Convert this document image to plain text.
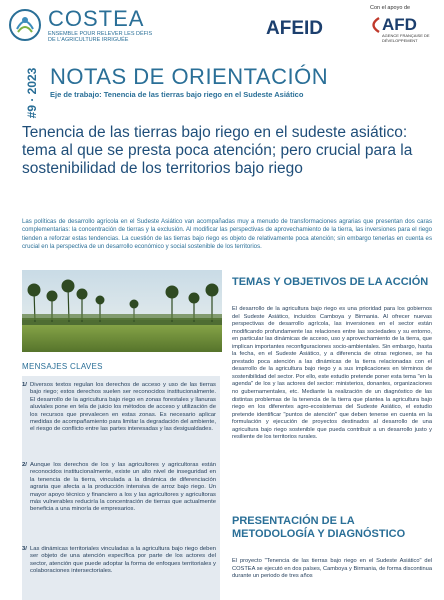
COSTEA
ENSEMBLE POUR RELEVER LES DÉFIS DE L'AGRICULTURE IRRIGUÉE
AFEID
Con el apoyo de
AFD
AGENCE FRANÇAISE DE DÉVELOPPEMENT
#9 · 2023 NOTAS DE ORIENTACIÓN
Eje de trabajo: Tenencia de las tierras bajo riego en el Sudeste Asiático
Tenencia de las tierras bajo riego en el sudeste asiático: tema al que se presta poca atención; pero crucial para la sostenibilidad de los territorios bajo riego
Las políticas de desarrollo agrícola en el Sudeste Asiático van acompañadas muy a menudo de transformaciones agrarias que presentan dos caras complementarias: la concentración de tierras y la exclusión. Al modificar las perspectivas de aprovechamiento de la tierra, las inversiones para el riego tienden a reforzar estas tendencias. La cuestión de las tierras bajo riego es objeto de relativamente poca atención; sin embargo tenerlas en cuenta es crucial en la perspectiva de un desarrollo económico y social sostenible de los territorios.
MENSAJES CLAVES
1/ Diversos textos regulan los derechos de acceso y uso de las tierras bajo riego; estos derechos suelen ser reconocidos institucionalmente. El desarrollo de la agricultura bajo riego en zonas forestales y llanuras aluviales pone en tela de juicio los métodos de acceso y utilización de los recursos que prevalecen en estas zonas. Es necesario aplicar medidas de acompañamiento para limitar la degradación del ambiente, el riesgo de conflicto entre las partes interesadas y las desigualdades.
2/ Aunque los derechos de los y las agricultores y agricultoras están reconocidos institucionalmente, existe un alto nivel de inseguridad en la tenencia de la tierra, vinculada a la dinámica de diferenciación agraria que afecta a la producción intensiva de arroz bajo riego. Un mayor apoyo técnico y financiero a los y las agricultores y agricultoras más vulnerables reduciría la concentración de tierras que actualmente beneficia a una minoría de empresarios.
3/ Las dinámicas territoriales vinculadas a la agricultura bajo riego deben ser objeto de una atención específica por parte de los actores del sector, atención que puede adoptar la forma de enfoques territoriales y colaboraciones intersectoriales.
TEMAS Y OBJETIVOS DE LA ACCIÓN
El desarrollo de la agricultura bajo riego es una prioridad para los gobiernos del Sudeste Asiático, incluidos Camboya y Birmania. Al ofrecer nuevas perspectivas de desarrollo agrícola, las inversiones en el sector están modificando profundamente las relaciones entre las sociedades y su entorno, en particular las dinámicas de acceso, uso y aprovechamiento de la tierra, que implican importantes reconfiguraciones socio-ambientales. Sin embargo, hasta la fecha, en el Sudeste Asiático, y a diferencia de otras regiones, se ha prestado poca atención a las dinámicas de la tierra relacionadas con el desarrollo de la agricultura bajo riego y a sus implicaciones en términos de sostenibilidad del sector. Por ello, este estudio pretende poner esta tema "en la agenda" de los y las actores del sector: ministerios, donantes, organizaciones no gubernamentales, etc. Mediante la realización de un diagnóstico de las distintas problemas de la tenencia de la tierra que plantea la agricultura bajo riego en los diferentes agro-ecosistemas del Sudeste Asiático, el estudio pretende identificar "puntos de atención" que deben tenerse en cuenta en la formulación y ejecución de proyectos destinados al desarrollo de una agricultura bajo riego sostenible que pueda contribuir a un desarrollo justo y resiliente de los territorios rurales.
PRESENTACIÓN DE LA METODOLOGÍA Y DIAGNÓSTICO
El proyecto "Tenencia de las tierras bajo riego en el Sudeste Asiático" del COSTEA se ejecutó en dos países, Camboya y Birmania, de forma discontinua durante un periodo de tres años
